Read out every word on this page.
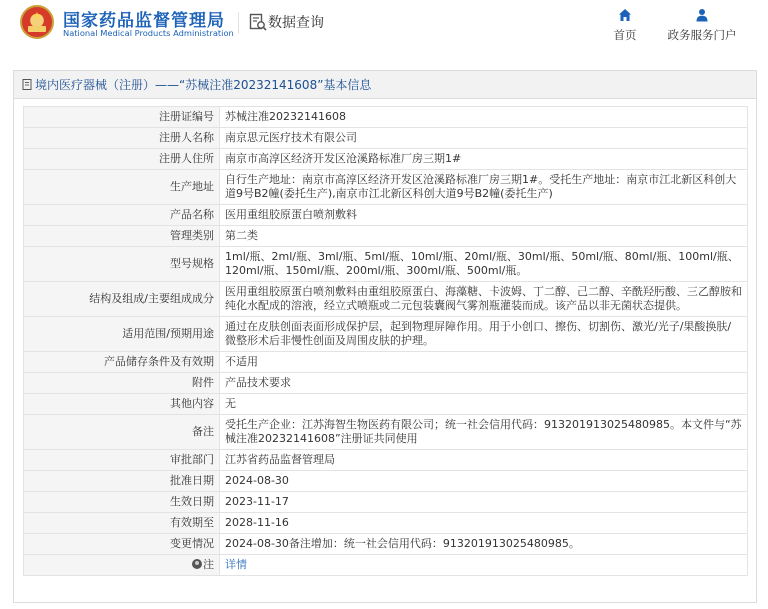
★ 国家药品监督管理局
National Medical Products Administration
数据查询
首页	政务服务门户
境内医疗器械（注册）——“苏械注准20232141608”基本信息
注册证编号	苏械注准20232141608
注册人名称	南京思元医疗技术有限公司
注册人住所	南京市高淳区经济开发区沧溪路标准厂房三期1#
生产地址	自行生产地址：南京市高淳区经济开发区沧溪路标准厂房三期1#。受托生产地址：南京市江北新区科创大道9号B2幢(委托生产),南京市江北新区科创大道9号B2幢(委托生产)
产品名称	医用重组胶原蛋白喷剂敷料
管理类别	第二类
型号规格	1ml/瓶、2ml/瓶、3ml/瓶、5ml/瓶、10ml/瓶、20ml/瓶、30ml/瓶、50ml/瓶、80ml/瓶、100ml/瓶、120ml/瓶、150ml/瓶、200ml/瓶、300ml/瓶、500ml/瓶。
结构及组成/主要组成成分	医用重组胶原蛋白喷剂敷料由重组胶原蛋白、海藻糖、卡波姆、丁二醇、己二醇、辛酰羟肟酸、三乙醇胺和纯化水配成的溶液，经立式喷瓶或二元包装囊阀气雾剂瓶灌装而成。该产品以非无菌状态提供。
适用范围/预期用途	通过在皮肤创面表面形成保护层，起到物理屏障作用。用于小创口、擦伤、切割伤、激光/光子/果酸换肤/微整形术后非慢性创面及周围皮肤的护理。
产品储存条件及有效期	不适用
附件	产品技术要求
其他内容	无
备注	受托生产企业：江苏海智生物医药有限公司；统一社会信用代码：913201913025480985。本文件与“苏械注准20232141608”注册证共同使用
审批部门	江苏省药品监督管理局
批准日期	2024-08-30
生效日期	2023-11-17
有效期至	2028-11-16
变更情况	2024-08-30备注增加：统一社会信用代码：913201913025480985。
注	详情
